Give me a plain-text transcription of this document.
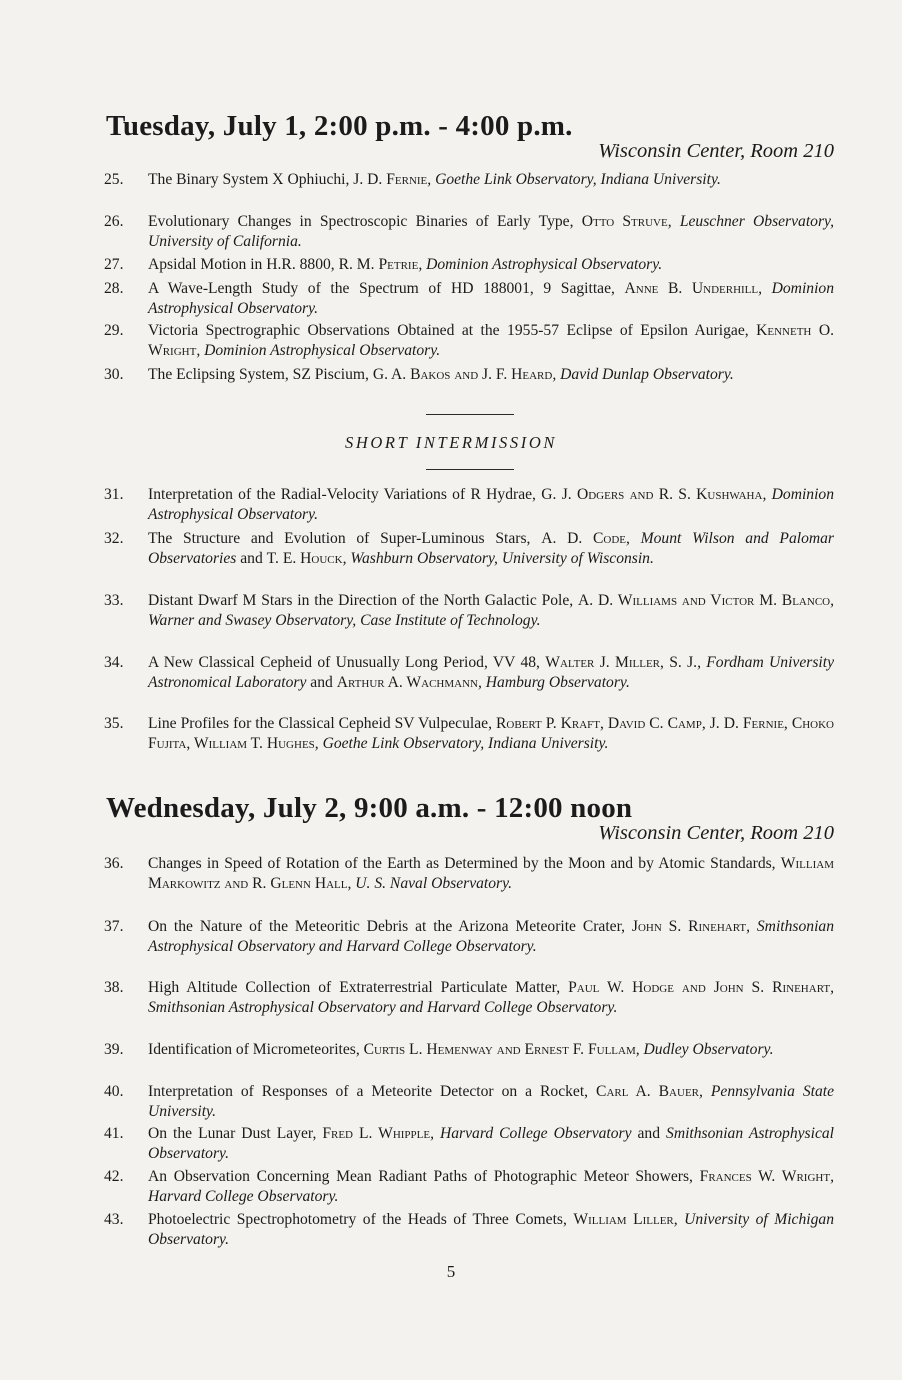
Tuesday, July 1, 2:00 p.m. - 4:00 p.m.
Wisconsin Center, Room 210
25.	The Binary System X Ophiuchi, J. D. Fernie, Goethe Link Observatory, Indiana University.
26.	Evolutionary Changes in Spectroscopic Binaries of Early Type, Otto Struve, Leuschner Observatory, University of California.
27.	Apsidal Motion in H.R. 8800, R. M. Petrie, Dominion Astrophysical Observatory.
28.	A Wave-Length Study of the Spectrum of HD 188001, 9 Sagittae, Anne B. Underhill, Dominion Astrophysical Observatory.
29.	Victoria Spectrographic Observations Obtained at the 1955-57 Eclipse of Epsilon Aurigae, Kenneth O. Wright, Dominion Astrophysical Observatory.
30.	The Eclipsing System, SZ Piscium, G. A. Bakos and J. F. Heard, David Dunlap Observatory.
SHORT INTERMISSION
31.	Interpretation of the Radial-Velocity Variations of R Hydrae, G. J. Odgers and R. S. Kushwaha, Dominion Astrophysical Observatory.
32.	The Structure and Evolution of Super-Luminous Stars, A. D. Code, Mount Wilson and Palomar Observatories and T. E. Houck, Washburn Observatory, University of Wisconsin.
33.	Distant Dwarf M Stars in the Direction of the North Galactic Pole, A. D. Williams and Victor M. Blanco, Warner and Swasey Observatory, Case Institute of Technology.
34.	A New Classical Cepheid of Unusually Long Period, VV 48, Walter J. Miller, S. J., Fordham University Astronomical Laboratory and Arthur A. Wachmann, Hamburg Observatory.
35.	Line Profiles for the Classical Cepheid SV Vulpeculae, Robert P. Kraft, David C. Camp, J. D. Fernie, Choko Fujita, William T. Hughes, Goethe Link Observatory, Indiana University.
Wednesday, July 2, 9:00 a.m. - 12:00 noon
Wisconsin Center, Room 210
36.	Changes in Speed of Rotation of the Earth as Determined by the Moon and by Atomic Standards, William Markowitz and R. Glenn Hall, U. S. Naval Observatory.
37.	On the Nature of the Meteoritic Debris at the Arizona Meteorite Crater, John S. Rinehart, Smithsonian Astrophysical Observatory and Harvard College Observatory.
38.	High Altitude Collection of Extraterrestrial Particulate Matter, Paul W. Hodge and John S. Rinehart, Smithsonian Astrophysical Observatory and Harvard College Observatory.
39.	Identification of Micrometeorites, Curtis L. Hemenway and Ernest F. Fullam, Dudley Observatory.
40.	Interpretation of Responses of a Meteorite Detector on a Rocket, Carl A. Bauer, Pennsylvania State University.
41.	On the Lunar Dust Layer, Fred L. Whipple, Harvard College Observatory and Smithsonian Astrophysical Observatory.
42.	An Observation Concerning Mean Radiant Paths of Photographic Meteor Showers, Frances W. Wright, Harvard College Observatory.
43.	Photoelectric Spectrophotometry of the Heads of Three Comets, William Liller, University of Michigan Observatory.
5
